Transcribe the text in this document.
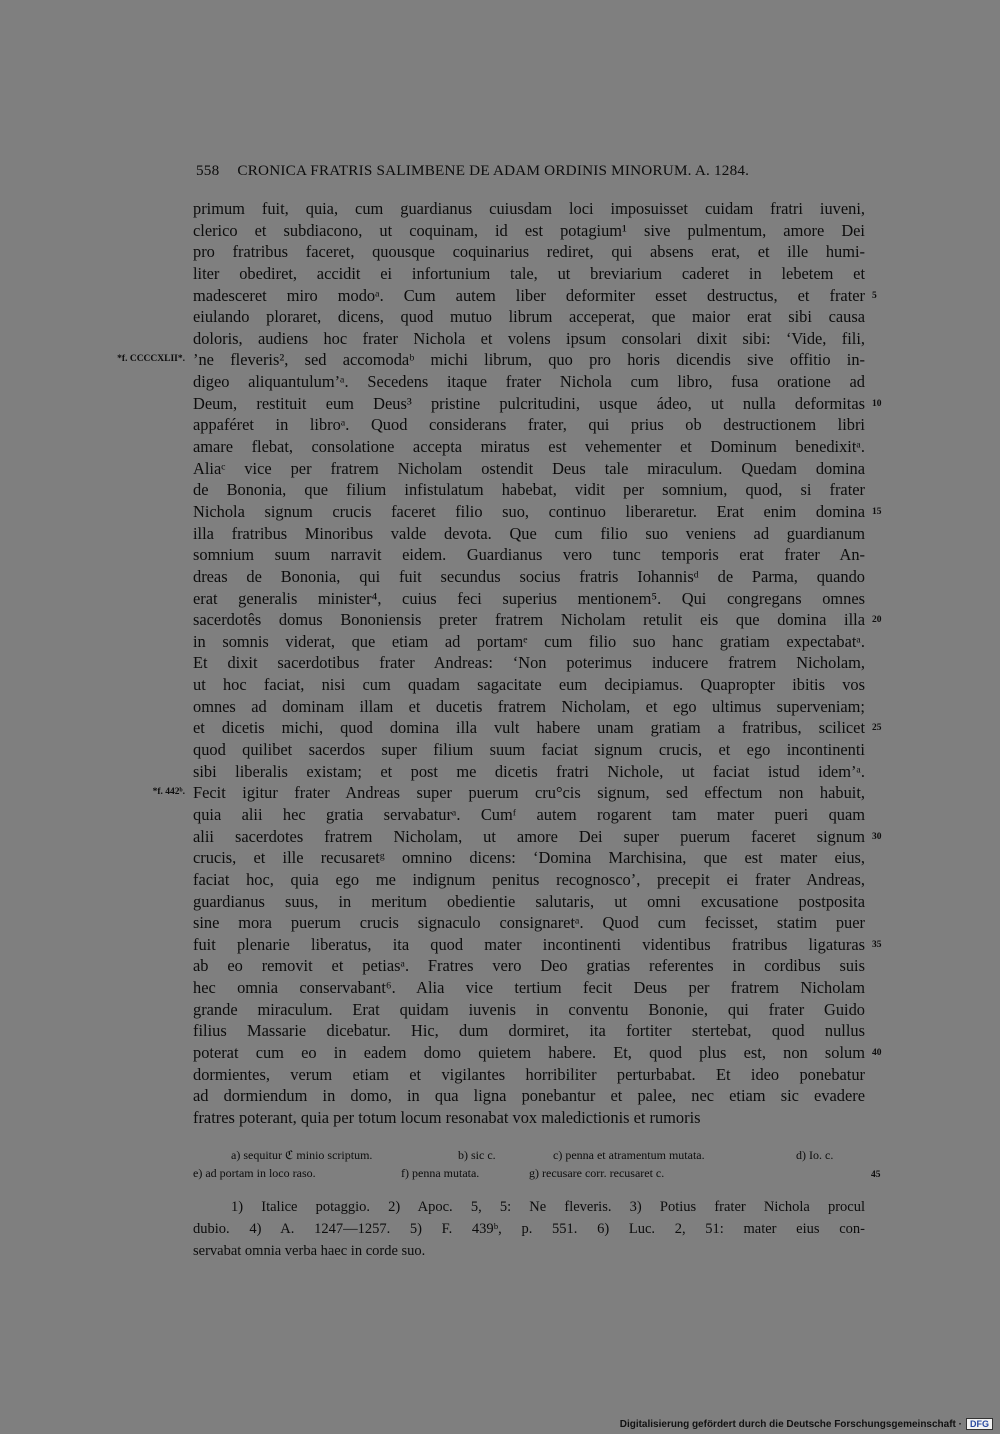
558 CRONICA FRATRIS SALIMBENE DE ADAM ORDINIS MINORUM. A. 1284.
primum fuit, quia, cum guardianus cuiusdam loci imposuisset cuidam fratri iuveni,
clerico et subdiacono, ut coquinam, id est potagium¹ sive pulmentum, amore Dei
pro fratribus faceret, quousque coquinarius rediret, qui absens erat, et ille humi-
liter obediret, accidit ei infortunium tale, ut breviarium caderet in lebetem et
madesceret miro modoᵃ. Cum autem liber deformiter esset destructus, et frater 5
eiulando ploraret, dicens, quod mutuo librum acceperat, que maior erat sibi causa
doloris, audiens hoc frater Nichola et volens ipsum consolari dixit sibi: ‘Vide, fili,
’ne fleveris², sed accomodaᵇ michi librum, quo pro horis dicendis sive offitio in-
*f. CCCCXLII*.
digeo aliquantulum’ᵃ. Secedens itaque frater Nichola cum libro, fusa oratione ad
Deum, restituit eum Deus³ pristine pulcritudini, usque ádeo, ut nulla deformitas 10
appaféret in libroᵃ. Quod considerans frater, qui prius ob destructionem libri
amare flebat, consolatione accepta miratus est vehementer et Dominum benedixitᵃ.
Aliaᶜ vice per fratrem Nicholam ostendit Deus tale miraculum. Quedam domina
de Bononia, que filium infistulatum habebat, vidit per somnium, quod, si frater
Nichola signum crucis faceret filio suo, continuo liberaretur. Erat enim domina 15
illa fratribus Minoribus valde devota. Que cum filio suo veniens ad guardianum
somnium suum narravit eidem. Guardianus vero tunc temporis erat frater An-
dreas de Bononia, qui fuit secundus socius fratris Iohannisᵈ de Parma, quando
erat generalis minister⁴, cuius feci superius mentionem⁵. Qui congregans omnes
sacerdotês domus Bononiensis preter fratrem Nicholam retulit eis que domina illa 20
in somnis viderat, que etiam ad portamᵉ cum filio suo hanc gratiam expectabatᵃ.
Et dixit sacerdotibus frater Andreas: ‘Non poterimus inducere fratrem Nicholam,
ut hoc faciat, nisi cum quadam sagacitate eum decipiamus. Quapropter ibitis vos
omnes ad dominam illam et ducetis fratrem Nicholam, et ego ultimus superveniam;
et dicetis michi, quod domina illa vult habere unam gratiam a fratribus, scilicet 25
quod quilibet sacerdos super filium suum faciat signum crucis, et ego incontinenti
sibi liberalis existam; et post me dicetis fratri Nichole, ut faciat istud idem’ᵃ.
Fecit igitur frater Andreas super puerum cru°cis signum, sed effectum non habuit,
*f. 442ᵇ.
quia alii hec gratia servabaturᵃ. Cumᶠ autem rogarent tam mater pueri quam
alii sacerdotes fratrem Nicholam, ut amore Dei super puerum faceret signum 30
crucis, et ille recusaretᵍ omnino dicens: ‘Domina Marchisina, que est mater eius,
faciat hoc, quia ego me indignum penitus recognosco’, precepit ei frater Andreas,
guardianus suus, in meritum obedientie salutaris, ut omni excusatione postposita
sine mora puerum crucis signaculo consignaretᵃ. Quod cum fecisset, statim puer
fuit plenarie liberatus, ita quod mater incontinenti videntibus fratribus ligaturas 35
ab eo removit et petiasᵃ. Fratres vero Deo gratias referentes in cordibus suis
hec omnia conservabant⁶. Alia vice tertium fecit Deus per fratrem Nicholam
grande miraculum. Erat quidam iuvenis in conventu Bononie, qui frater Guido
filius Massarie dicebatur. Hic, dum dormiret, ita fortiter stertebat, quod nullus
poterat cum eo in eadem domo quietem habere. Et, quod plus est, non solum 40
dormientes, verum etiam et vigilantes horribiliter perturbabat. Et ideo ponebatur
ad dormiendum in domo, in qua ligna ponebantur et palee, nec etiam sic evadere
fratres poterant, quia per totum locum resonabat vox maledictionis et rumoris
a) sequitur ℭ minio scriptum.	b) sic c.	c) penna et atramentum mutata.	d) Io. c.
e) ad portam in loco raso.	f) penna mutata.	g) recusare corr. recusaret c.	45
1) Italice potaggio. 2) Apoc. 5, 5: Ne fleveris. 3) Potius frater Nichola procul
dubio. 4) A. 1247—1257. 5) F. 439ᵇ, p. 551. 6) Luc. 2, 51: mater eius con-
servabat omnia verba haec in corde suo.
Digitalisierung gefördert durch die Deutsche Forschungsgemeinschaft · DFG
